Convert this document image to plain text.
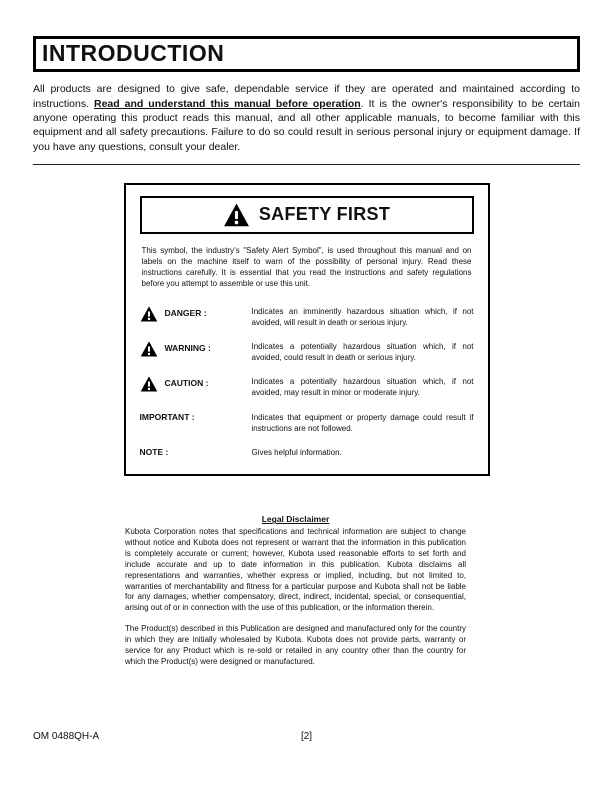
INTRODUCTION

All products are designed to give safe, dependable service if they are operated and maintained according to instructions. Read and understand this manual before operation. It is the owner's responsibility to be certain anyone operating this product reads this manual, and all other applicable manuals, to become familiar with this equipment and all safety precautions. Failure to do so could result in serious personal injury or equipment damage. If you have any questions, consult your dealer.

SAFETY FIRST

This symbol, the industry's "Safety Alert Symbol", is used throughout this manual and on labels on the machine itself to warn of the possibility of personal injury. Read these instructions carefully. It is essential that you read the instructions and safety regulations before you attempt to assemble or use this unit.

DANGER :	Indicates an imminently hazardous situation which, if not avoided, will result in death or serious injury.
WARNING :	Indicates a potentially hazardous situation which, if not avoided, could result in death or serious injury.
CAUTION :	Indicates a potentially hazardous situation which, if not avoided, may result in minor or moderate injury.
IMPORTANT :	Indicates that equipment or property damage could result if instructions are not followed.
NOTE :	Gives helpful information.
Legal Disclaimer

Kubota Corporation notes that specifications and technical information are subject to change without notice and Kubota does not represent or warrant that the information in this publication is completely accurate or current; however, Kubota used reasonable efforts to set forth and include accurate and up to date information in this publication. Kubota disclaims all representations and warranties, whether express or implied, including, but not limited to, warranties of merchantability and fitness for a particular purpose and Kubota shall not be liable for any damages, whether compensatory, direct, indirect, incidental, special, or consequential, arising out of or in connection with the use of this publication, or the information therein.

The Product(s) described in this Publication are designed and manufactured only for the country in which they are initially wholesaled by Kubota. Kubota does not provide parts, warranty or service for any Product which is re-sold or retailed in any country other than the country for which the Product(s) were designed or manufactured.

OM 0488QH-A	[2]
